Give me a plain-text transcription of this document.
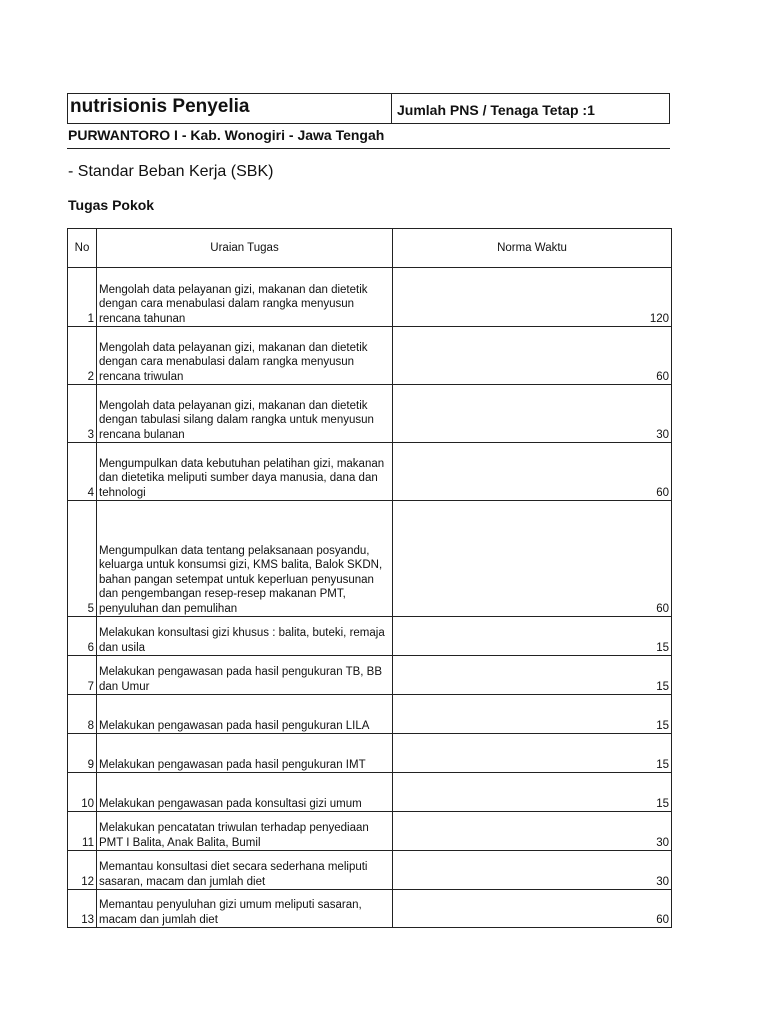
nutrisionis Penyelia	Jumlah PNS / Tenaga Tetap :1
PURWANTORO I - Kab. Wonogiri - Jawa Tengah
- Standar Beban Kerja (SBK)
Tugas Pokok
No	Uraian Tugas	Norma Waktu
1	Mengolah data pelayanan gizi, makanan dan dietetik dengan cara menabulasi dalam rangka menyusun rencana tahunan	120
2	Mengolah data pelayanan gizi, makanan dan dietetik dengan cara menabulasi dalam rangka menyusun rencana triwulan	60
3	Mengolah data pelayanan gizi, makanan dan dietetik dengan tabulasi silang dalam rangka untuk menyusun rencana bulanan	30
4	Mengumpulkan data kebutuhan pelatihan gizi, makanan dan dietetika meliputi sumber daya manusia, dana dan tehnologi	60
5	Mengumpulkan data tentang pelaksanaan posyandu, keluarga untuk konsumsi gizi, KMS balita, Balok SKDN, bahan pangan setempat untuk keperluan penyusunan dan pengembangan resep-resep makanan PMT, penyuluhan dan pemulihan	60
6	Melakukan konsultasi gizi khusus : balita, buteki, remaja dan usila	15
7	Melakukan pengawasan pada hasil pengukuran TB, BB dan Umur	15
8	Melakukan pengawasan pada hasil pengukuran LILA	15
9	Melakukan pengawasan pada hasil pengukuran IMT	15
10	Melakukan pengawasan pada konsultasi gizi umum	15
11	Melakukan pencatatan triwulan terhadap penyediaan PMT I Balita, Anak Balita, Bumil	30
12	Memantau konsultasi diet secara sederhana meliputi sasaran, macam dan jumlah diet	30
13	Memantau penyuluhan gizi umum meliputi sasaran, macam dan jumlah diet	60
